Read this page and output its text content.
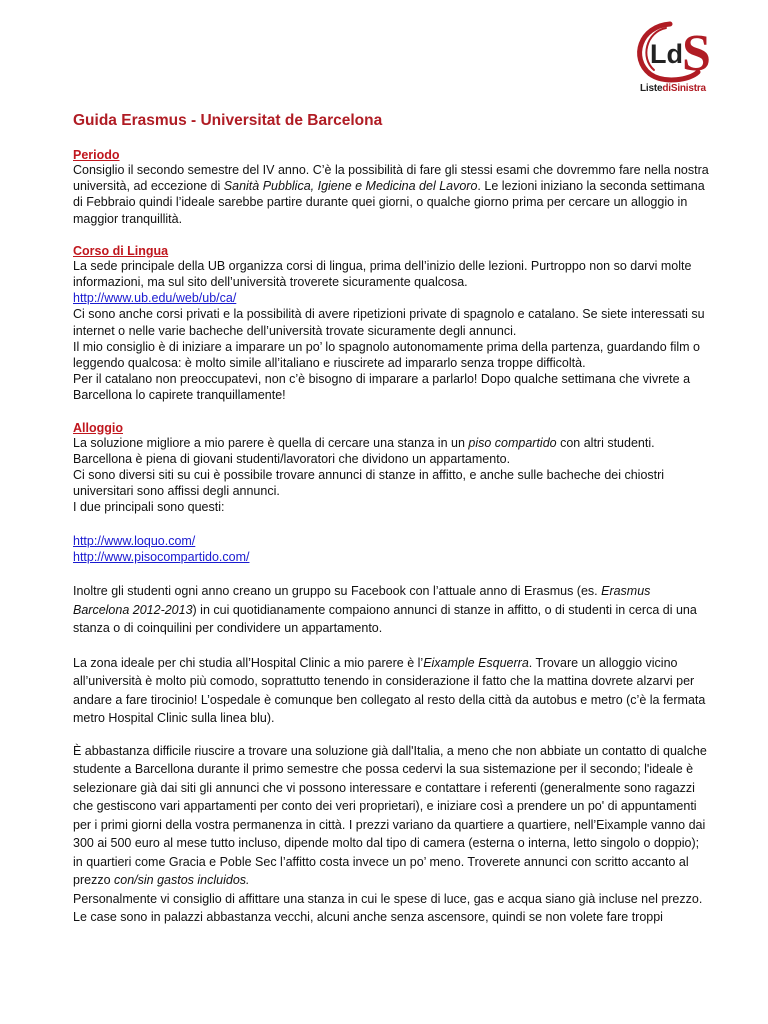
Ld S
ListediSinistra
Guida Erasmus - Universitat de Barcelona
Periodo

Consiglio il secondo semestre del IV anno. C’è la possibilità di fare gli stessi esami che dovremmo fare nella nostra università, ad eccezione di Sanità Pubblica, Igiene e Medicina del Lavoro. Le lezioni iniziano la seconda settimana di Febbraio quindi l’ideale sarebbe partire durante quei giorni, o qualche giorno prima per cercare un alloggio in maggior tranquillità.

Corso di Lingua

La sede principale della UB organizza corsi di lingua, prima dell’inizio delle lezioni. Purtroppo non so darvi molte informazioni, ma sul sito dell’università troverete sicuramente qualcosa.

http://www.ub.edu/web/ub/ca/

Ci sono anche corsi privati e la possibilità di avere ripetizioni private di spagnolo e catalano. Se siete interessati su internet o nelle varie bacheche dell’università trovate sicuramente degli annunci.

Il mio consiglio è di iniziare a imparare un po’ lo spagnolo autonomamente prima della partenza, guardando film o leggendo qualcosa: è molto simile all’italiano e riuscirete ad impararlo senza troppe difficoltà.

Per il catalano non preoccupatevi, non c’è bisogno di imparare a parlarlo! Dopo qualche settimana che vivrete a Barcellona lo capirete tranquillamente!

Alloggio

La soluzione migliore a mio parere è quella di cercare una stanza in un piso compartido con altri studenti. Barcellona è piena di giovani studenti/lavoratori che dividono un appartamento.

Ci sono diversi siti su cui è possibile trovare annunci di stanze in affitto, e anche sulle bacheche dei chiostri universitari sono affissi degli annunci.

I due principali sono questi:

http://www.loquo.com/
http://www.pisocompartido.com/

Inoltre gli studenti ogni anno creano un gruppo su Facebook con l’attuale anno di Erasmus (es. Erasmus Barcelona 2012-2013) in cui quotidianamente compaiono annunci di stanze in affitto, o di studenti in cerca di una stanza o di coinquilini per condividere un appartamento.

La zona ideale per chi studia all’Hospital Clinic a mio parere è l’Eixample Esquerra. Trovare un alloggio vicino all’università è molto più comodo, soprattutto tenendo in considerazione il fatto che la mattina dovrete alzarvi per andare a fare tirocinio! L’ospedale è comunque ben collegato al resto della città da autobus e metro (c’è la fermata metro Hospital Clinic sulla linea blu).

È abbastanza difficile riuscire a trovare una soluzione già dall'Italia, a meno che non abbiate un contatto di qualche studente a Barcellona durante il primo semestre che possa cedervi la sua sistemazione per il secondo; l'ideale è selezionare già dai siti gli annunci che vi possono interessare e contattare i referenti (generalmente sono ragazzi che gestiscono vari appartamenti per conto dei veri proprietari), e iniziare così a prendere un po' di appuntamenti per i primi giorni della vostra permanenza in città. I prezzi variano da quartiere a quartiere, nell’Eixample vanno dai 300 ai 500 euro al mese tutto incluso, dipende molto dal tipo di camera (esterna o interna, letto singolo o doppio); in quartieri come Gracia e Poble Sec l’affitto costa invece un po’ meno. Troverete annunci con scritto accanto al prezzo con/sin gastos incluidos.

Personalmente vi consiglio di affittare una stanza in cui le spese di luce, gas e acqua siano già incluse nel prezzo.

Le case sono in palazzi abbastanza vecchi, alcuni anche senza ascensore, quindi se non volete fare troppi
